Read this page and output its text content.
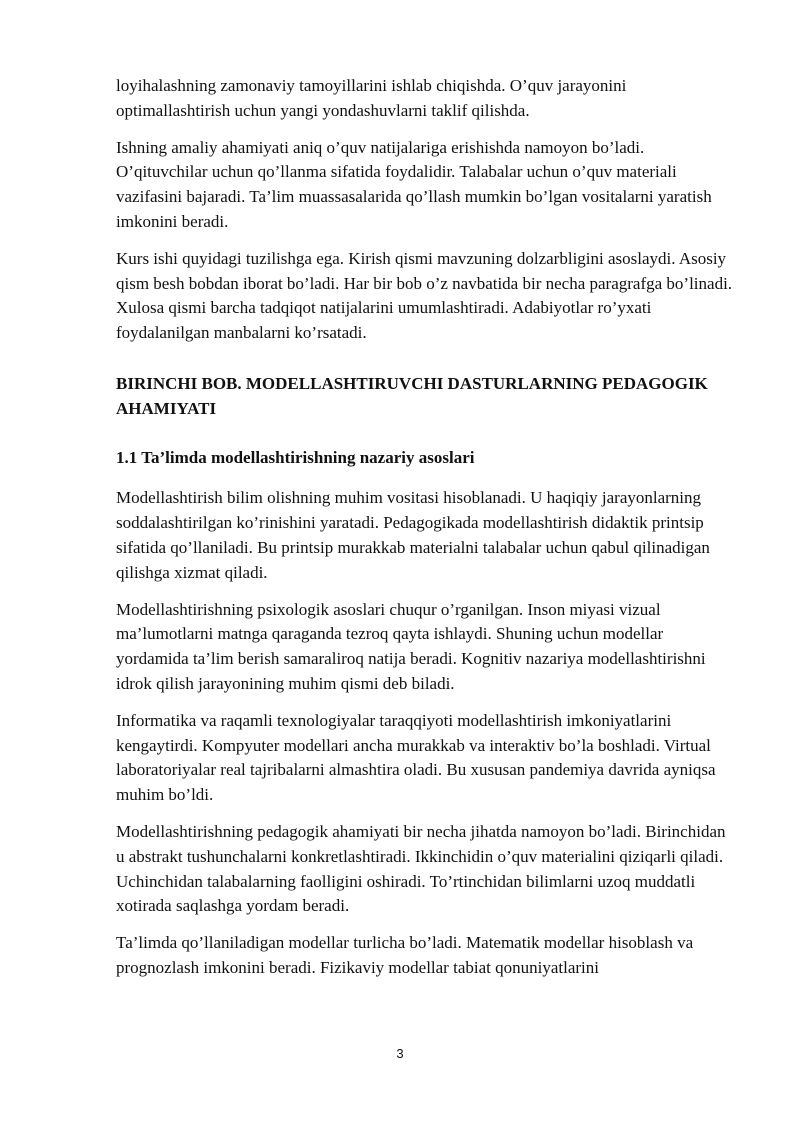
loyihalashning zamonaviy tamoyillarini ishlab chiqishda. O’quv jarayonini optimallashtirish uchun yangi yondashuvlarni taklif qilishda.

Ishning amaliy ahamiyati aniq o’quv natijalariga erishishda namoyon bo’ladi. O’qituvchilar uchun qo’llanma sifatida foydalidir. Talabalar uchun o’quv materiali vazifasini bajaradi. Ta’lim muassasalarida qo’llash mumkin bo’lgan vositalarni yaratish imkonini beradi.

Kurs ishi quyidagi tuzilishga ega. Kirish qismi mavzuning dolzarbligini asoslaydi. Asosiy qism besh bobdan iborat bo’ladi. Har bir bob o’z navbatida bir necha paragrafga bo’linadi. Xulosa qismi barcha tadqiqot natijalarini umumlashtiradi. Adabiyotlar ro’yxati foydalanilgan manbalarni ko’rsatadi.

BIRINCHI BOB. MODELLASHTIRUVCHI DASTURLARNING PEDAGOGIK AHAMIYATI
1.1 Ta’limda modellashtirishning nazariy asoslari

Modellashtirish bilim olishning muhim vositasi hisoblanadi. U haqiqiy jarayonlarning soddalashtirilgan ko’rinishini yaratadi. Pedagogikada modellashtirish didaktik printsip sifatida qo’llaniladi. Bu printsip murakkab materialni talabalar uchun qabul qilinadigan qilishga xizmat qiladi.

Modellashtirishning psixologik asoslari chuqur o’rganilgan. Inson miyasi vizual ma’lumotlarni matnga qaraganda tezroq qayta ishlaydi. Shuning uchun modellar yordamida ta’lim berish samaraliroq natija beradi. Kognitiv nazariya modellashtirishni idrok qilish jarayonining muhim qismi deb biladi.

Informatika va raqamli texnologiyalar taraqqiyoti modellashtirish imkoniyatlarini kengaytirdi. Kompyuter modellari ancha murakkab va interaktiv bo’la boshladi. Virtual laboratoriyalar real tajribalarni almashtira oladi. Bu xususan pandemiya davrida ayniqsa muhim bo’ldi.

Modellashtirishning pedagogik ahamiyati bir necha jihatda namoyon bo’ladi. Birinchidan u abstrakt tushunchalarni konkretlashtiradi. Ikkinchidin o’quv materialini qiziqarli qiladi. Uchinchidan talabalarning faolligini oshiradi. To’rtinchidan bilimlarni uzoq muddatli xotirada saqlashga yordam beradi.

Ta’limda qo’llaniladigan modellar turlicha bo’ladi. Matematik modellar hisoblash va prognozlash imkonini beradi. Fizikaviy modellar tabiat qonuniyatlarini

3
